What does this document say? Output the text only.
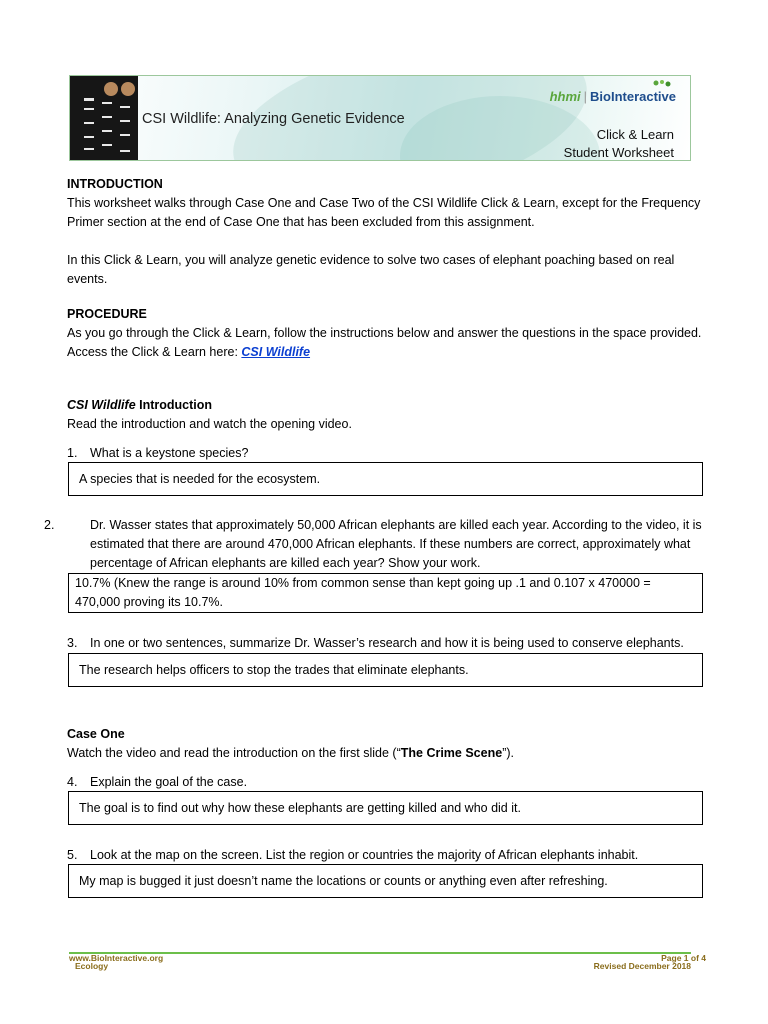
CSI Wildlife: Analyzing Genetic Evidence
hhmi | BioInteractive
Click & Learn
Student Worksheet
INTRODUCTION
This worksheet walks through Case One and Case Two of the CSI Wildlife Click & Learn, except for the Frequency Primer section at the end of Case One that has been excluded from this assignment.
In this Click & Learn, you will analyze genetic evidence to solve two cases of elephant poaching based on real events.
PROCEDURE
As you go through the Click & Learn, follow the instructions below and answer the questions in the space provided. Access the Click & Learn here: CSI Wildlife
CSI Wildlife Introduction
Read the introduction and watch the opening video.
1. What is a keystone species?
A species that is needed for the ecosystem.
2.	Dr. Wasser states that approximately 50,000 African elephants are killed each year. According to the video, it is estimated that there are around 470,000 African elephants. If these numbers are correct, approximately what percentage of African elephants are killed each year? Show your work.
10.7% (Knew the range is around 10% from common sense than kept going up .1 and 0.107 x 470000 = 470,000 proving its 10.7%.
3. In one or two sentences, summarize Dr. Wasser’s research and how it is being used to conserve elephants.
The research helps officers to stop the trades that eliminate elephants.
Case One
Watch the video and read the introduction on the first slide (“The Crime Scene”).
4. Explain the goal of the case.
The goal is to find out why how these elephants are getting killed and who did it.
5. Look at the map on the screen. List the region or countries the majority of African elephants inhabit.
My map is bugged it just doesn’t name the locations or counts or anything even after refreshing.
www.BioInteractive.org
Ecology
Page 1 of 4
Revised December 2018
